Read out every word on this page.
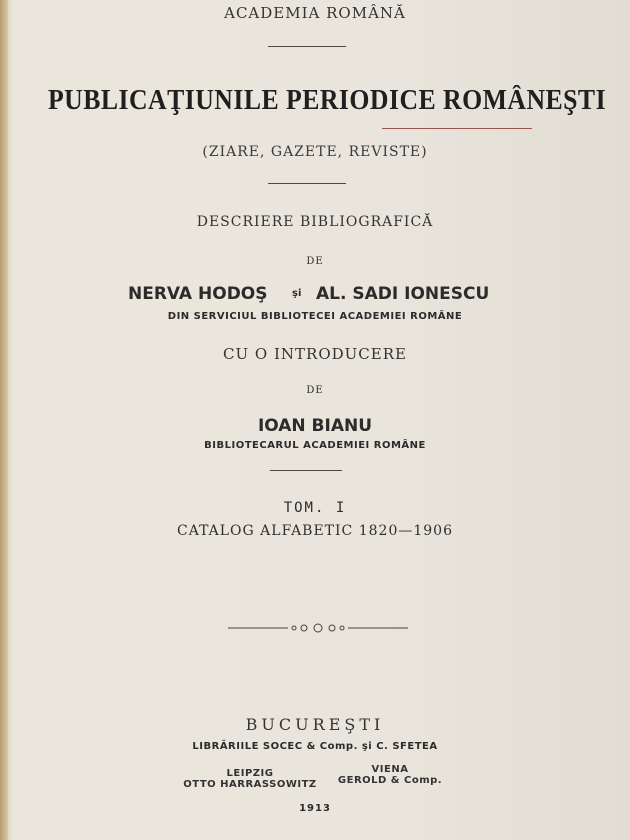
ACADEMIA ROMÂNĂ
PUBLICAŢIUNILE PERIODICE ROMÂNEŞTI
(ZIARE, GAZETE, REVISTE)
DESCRIERE BIBLIOGRAFICĂ
DE
NERVA HODOŞ şi AL. SADI IONESCU
DIN SERVICIUL BIBLIOTECEI ACADEMIEI ROMÂNE
CU O INTRODUCERE
DE
IOAN BIANU
BIBLIOTECARUL ACADEMIEI ROMÂNE
TOM. I
CATALOG ALFABETIC 1820—1906
BUCUREŞTI
LIBRĂRIILE SOCEC & Comp. şi C. SFETEA
LEIPZIG
OTTO HARRASSOWITZ
VIENA
GEROLD & Comp.
1913
